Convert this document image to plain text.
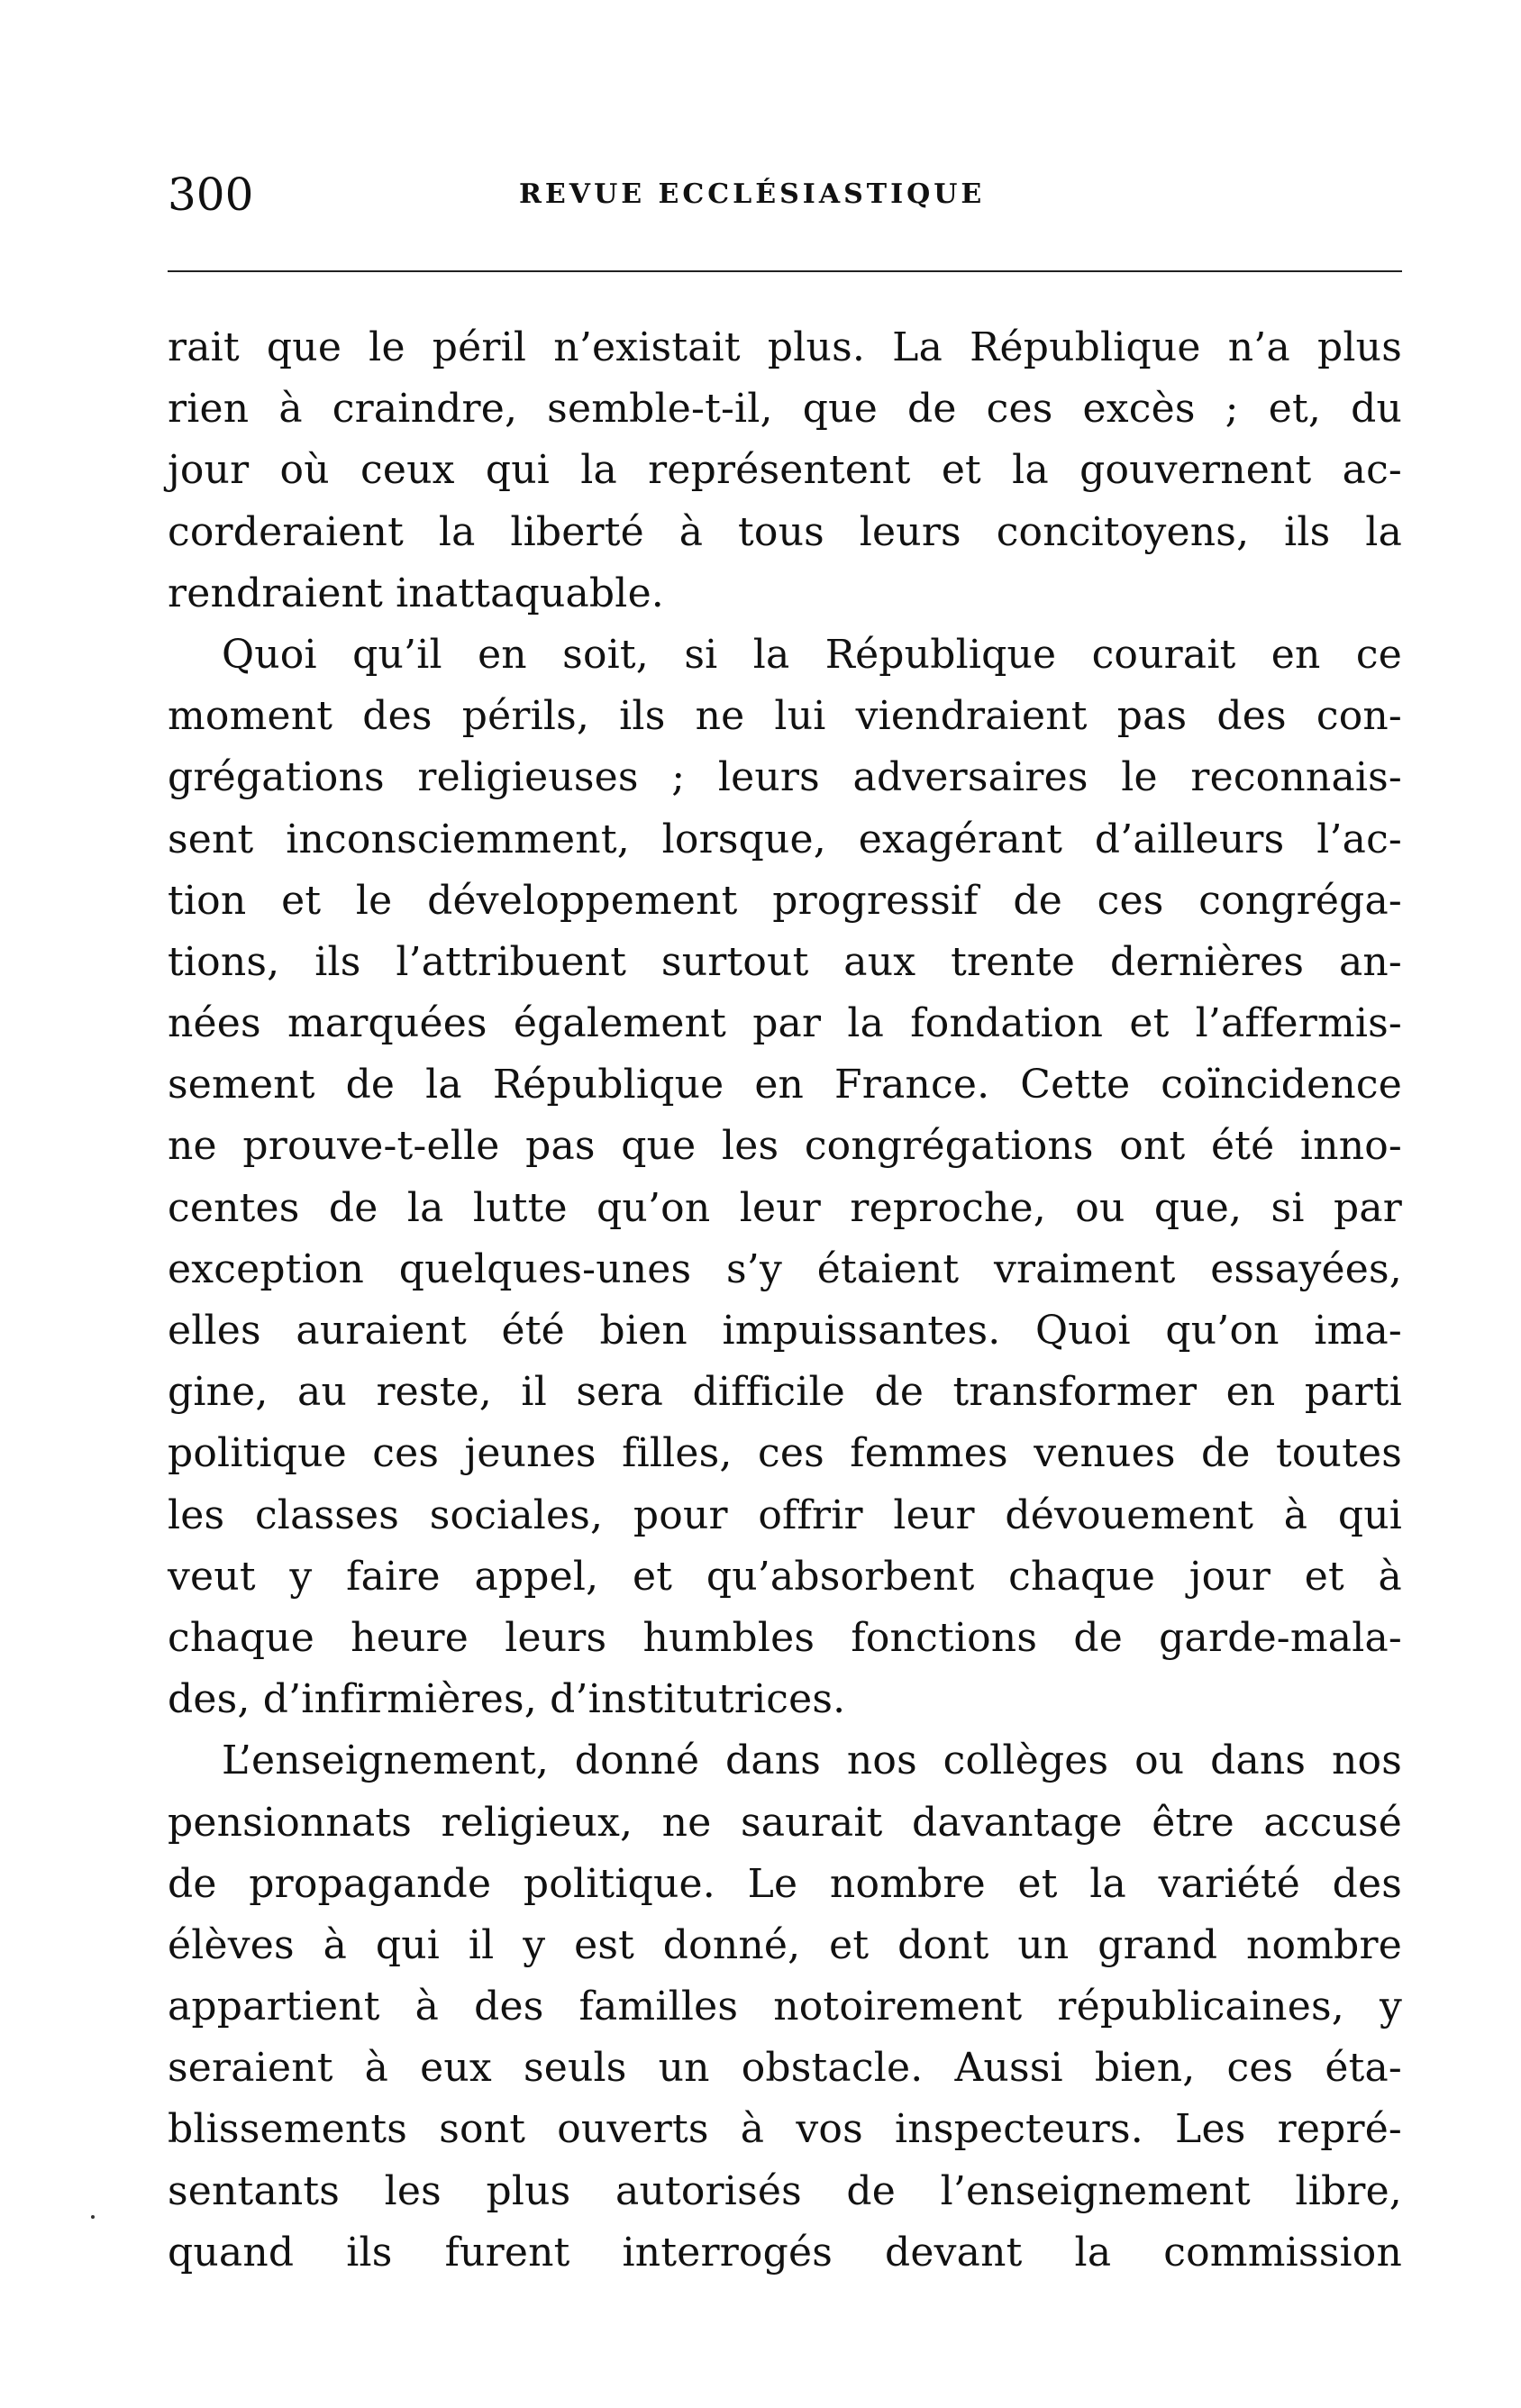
300	REVUE ECCLÉSIASTIQUE
rait que le péril n’existait plus. La République n’a plus
rien à craindre, semble-t-il, que de ces excès ; et, du
jour où ceux qui la représentent et la gouvernent ac-
corderaient la liberté à tous leurs concitoyens, ils la
rendraient inattaquable.
Quoi qu’il en soit, si la République courait en ce
moment des périls, ils ne lui viendraient pas des con-
grégations religieuses ; leurs adversaires le reconnais-
sent inconsciemment, lorsque, exagérant d’ailleurs l’ac-
tion et le développement progressif de ces congréga-
tions, ils l’attribuent surtout aux trente dernières an-
nées marquées également par la fondation et l’affermis-
sement de la République en France. Cette coïncidence
ne prouve-t-elle pas que les congrégations ont été inno-
centes de la lutte qu’on leur reproche, ou que, si par
exception quelques-unes s’y étaient vraiment essayées,
elles auraient été bien impuissantes. Quoi qu’on ima-
gine, au reste, il sera difficile de transformer en parti
politique ces jeunes filles, ces femmes venues de toutes
les classes sociales, pour offrir leur dévouement à qui
veut y faire appel, et qu’absorbent chaque jour et à
chaque heure leurs humbles fonctions de garde-mala-
des, d’infirmières, d’institutrices.
L’enseignement, donné dans nos collèges ou dans nos
pensionnats religieux, ne saurait davantage être accusé
de propagande politique. Le nombre et la variété des
élèves à qui il y est donné, et dont un grand nombre
appartient à des familles notoirement républicaines, y
seraient à eux seuls un obstacle. Aussi bien, ces éta-
blissements sont ouverts à vos inspecteurs. Les repré-
sentants les plus autorisés de l’enseignement libre,
quand ils furent interrogés devant la commission
